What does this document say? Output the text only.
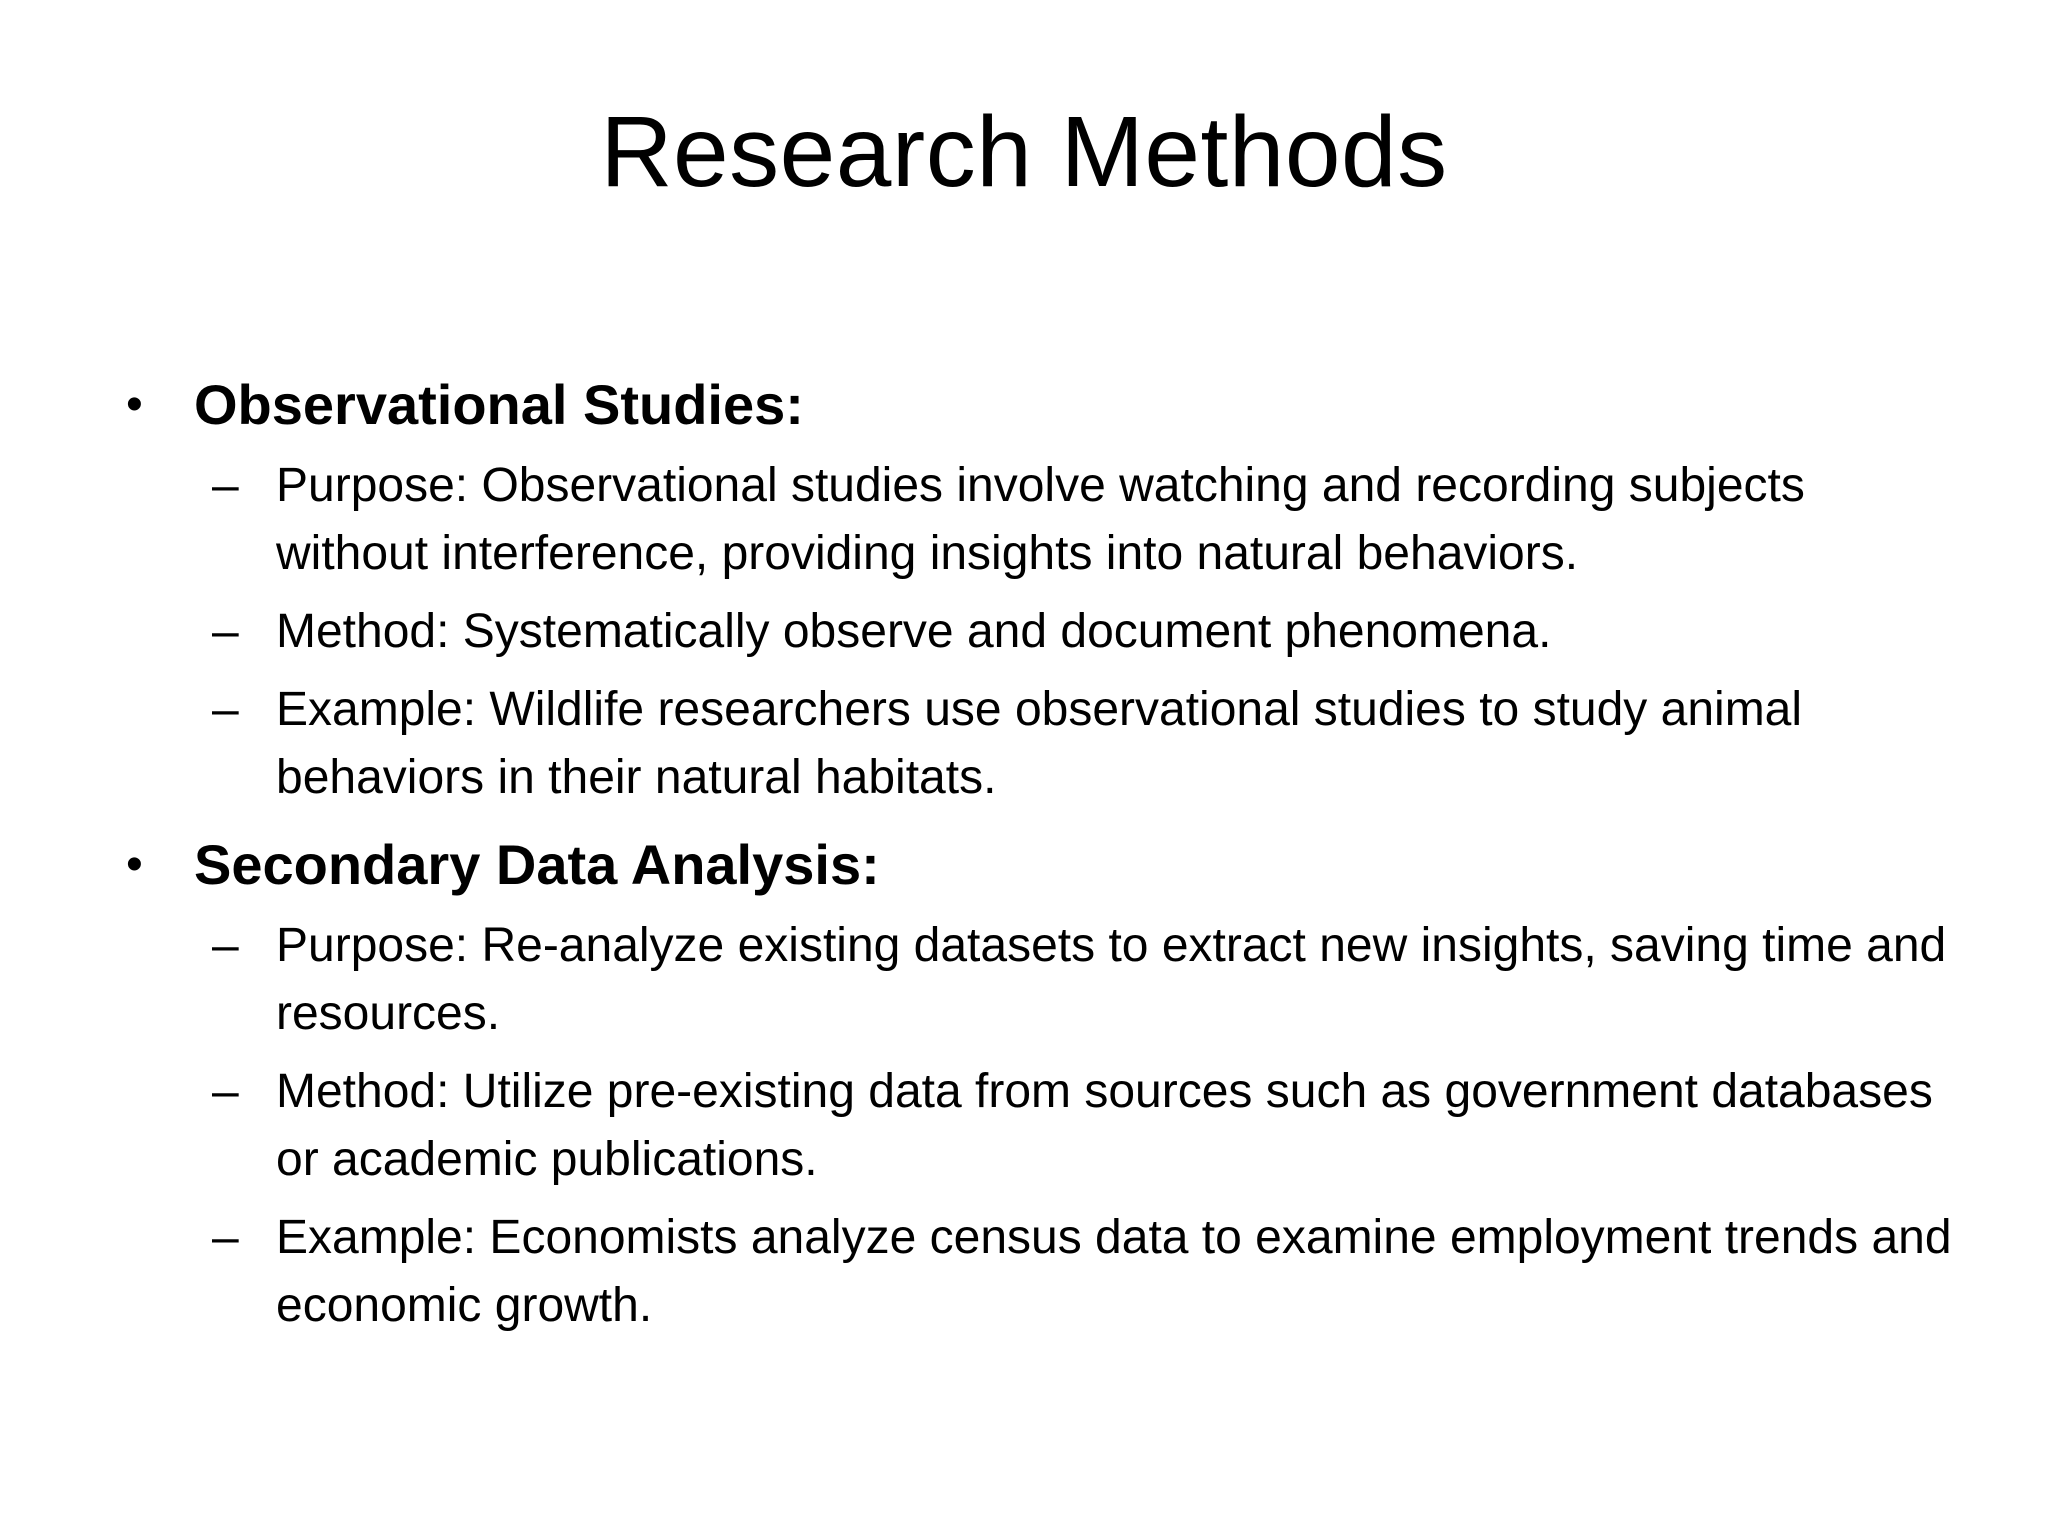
Research Methods
• Observational Studies:
– Purpose: Observational studies involve watching and recording subjects without interference, providing insights into natural behaviors.
– Method: Systematically observe and document phenomena.
– Example: Wildlife researchers use observational studies to study animal behaviors in their natural habitats.
• Secondary Data Analysis:
– Purpose: Re-analyze existing datasets to extract new insights, saving time and resources.
– Method: Utilize pre-existing data from sources such as government databases or academic publications.
– Example: Economists analyze census data to examine employment trends and economic growth.
